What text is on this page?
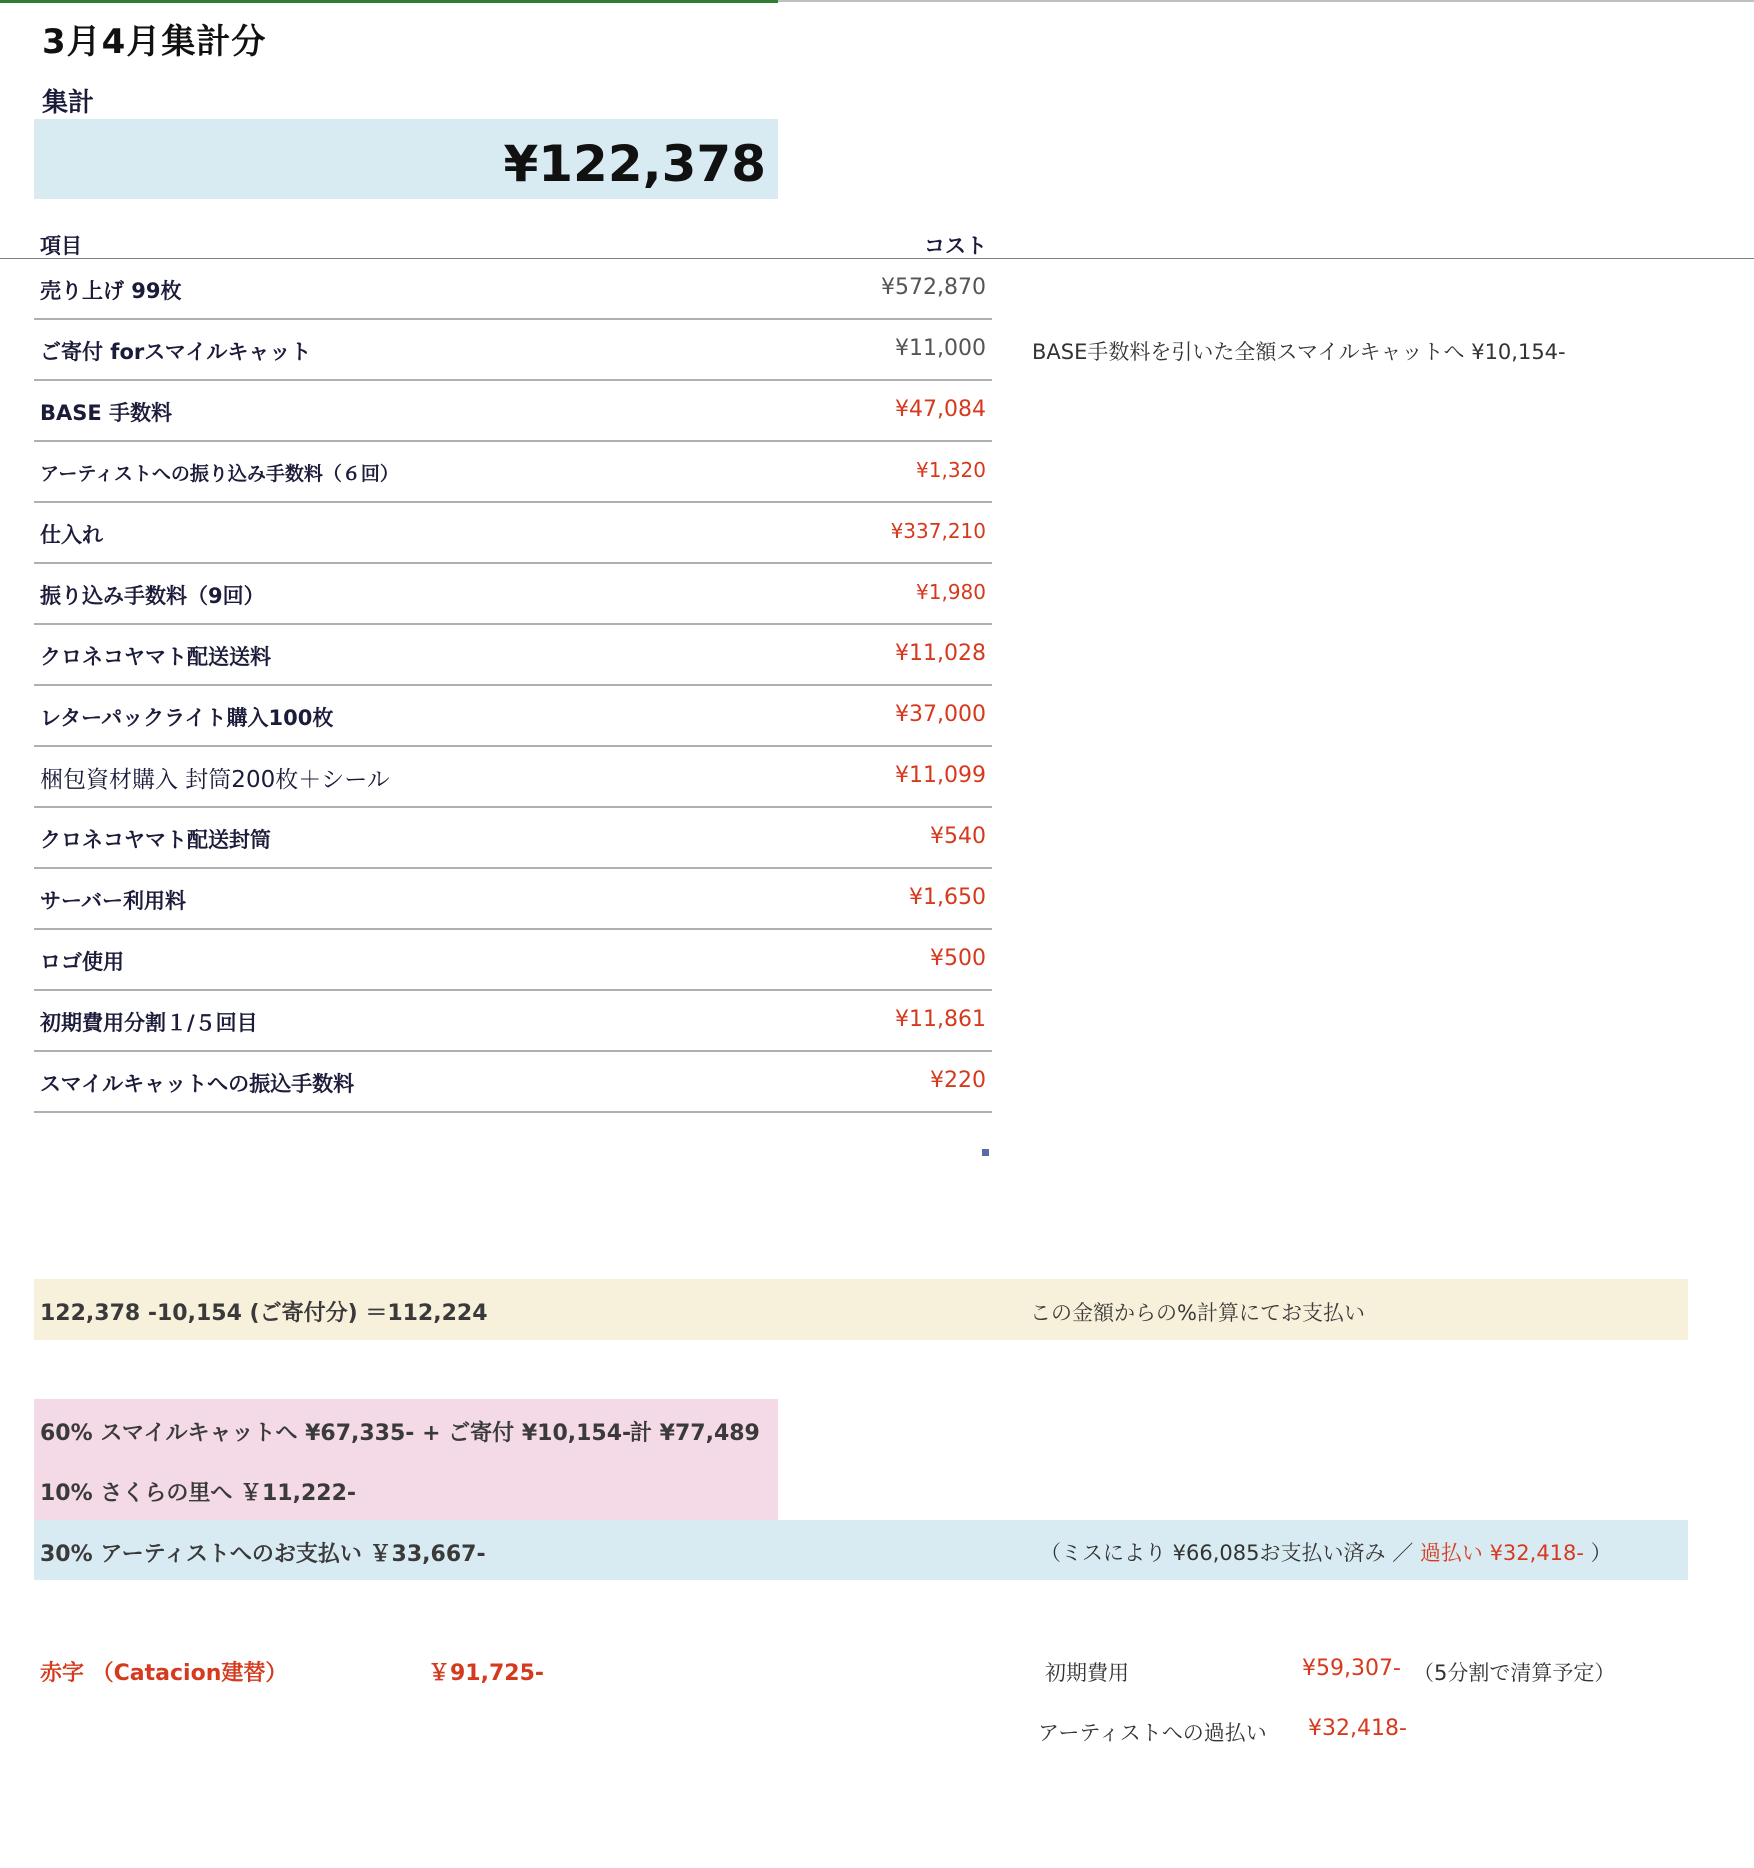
3月4月集計分
集計
¥122,378
項目	コスト
売り上げ 99枚	¥572,870
ご寄付 forスマイルキャット	¥11,000
BASE 手数料	¥47,084
アーティストへの振り込み手数料（６回）	¥1,320
仕入れ	¥337,210
振り込み手数料（9回）	¥1,980
クロネコヤマト配送送料	¥11,028
レターパックライト購入100枚	¥37,000
梱包資材購入 封筒200枚＋シール	¥11,099
クロネコヤマト配送封筒	¥540
サーバー利用料	¥1,650
ロゴ使用	¥500
初期費用分割１/５回目	¥11,861
スマイルキャットへの振込手数料	¥220
BASE手数料を引いた全額スマイルキャットへ ¥10,154-
122,378 -10,154 (ご寄付分) ＝112,224	この金額からの%計算にてお支払い
60% スマイルキャットへ ¥67,335- + ご寄付 ¥10,154-
計 ¥77,489
10% さくらの里へ ￥11,222-
30% アーティストへのお支払い ￥33,667-	（ミスにより ¥66,085お支払い済み ／ 過払い ¥32,418- ）
赤字 （Catacion建替）	￥91,725-	初期費用	¥59,307- （5分割で清算予定）
アーティストへの過払い ¥32,418-
